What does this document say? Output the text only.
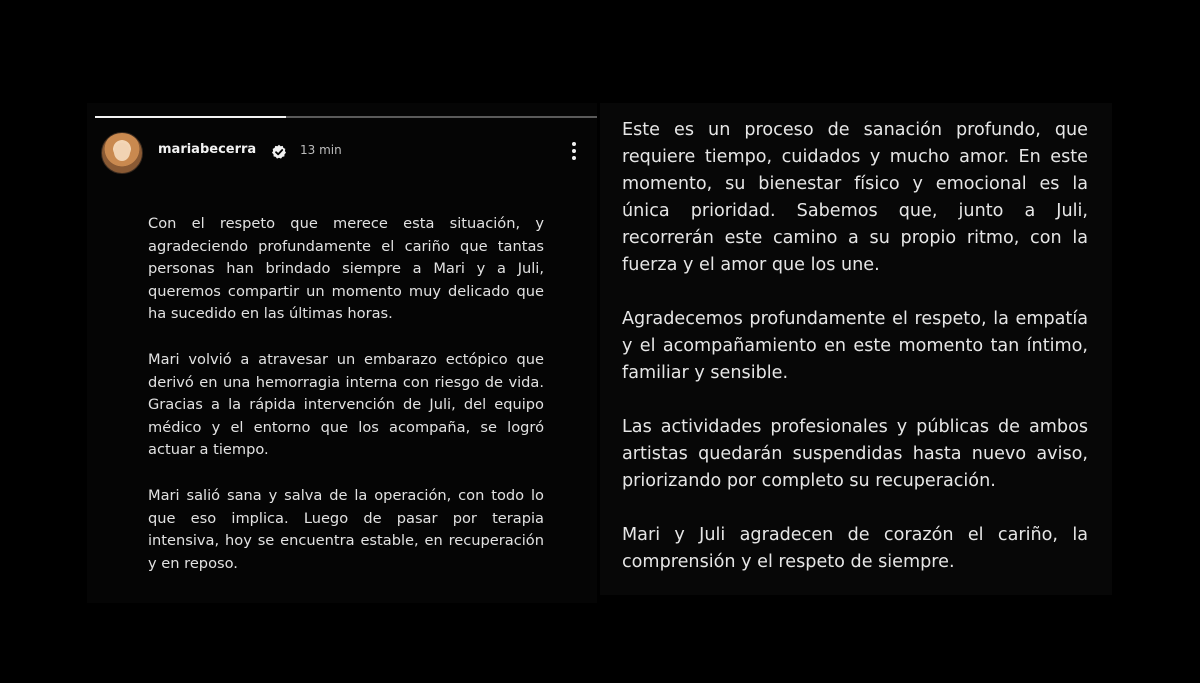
mariabecerra	13 min

Con el respeto que merece esta situación, y agradeciendo profundamente el cariño que tantas personas han brindado siempre a Mari y a Juli, queremos compartir un momento muy delicado que ha sucedido en las últimas horas.

Mari volvió a atravesar un embarazo ectópico que derivó en una hemorragia interna con riesgo de vida. Gracias a la rápida intervención de Juli, del equipo médico y el entorno que los acompaña, se logró actuar a tiempo.

Mari salió sana y salva de la operación, con todo lo que eso implica. Luego de pasar por terapia intensiva, hoy se encuentra estable, en recuperación y en reposo.

Este es un proceso de sanación profundo, que requiere tiempo, cuidados y mucho amor. En este momento, su bienestar físico y emocional es la única prioridad. Sabemos que, junto a Juli, recorrerán este camino a su propio ritmo, con la fuerza y el amor que los une.

Agradecemos profundamente el respeto, la empatía y el acompañamiento en este momento tan íntimo, familiar y sensible.

Las actividades profesionales y públicas de ambos artistas quedarán suspendidas hasta nuevo aviso, priorizando por completo su recuperación.

Mari y Juli agradecen de corazón el cariño, la comprensión y el respeto de siempre.
